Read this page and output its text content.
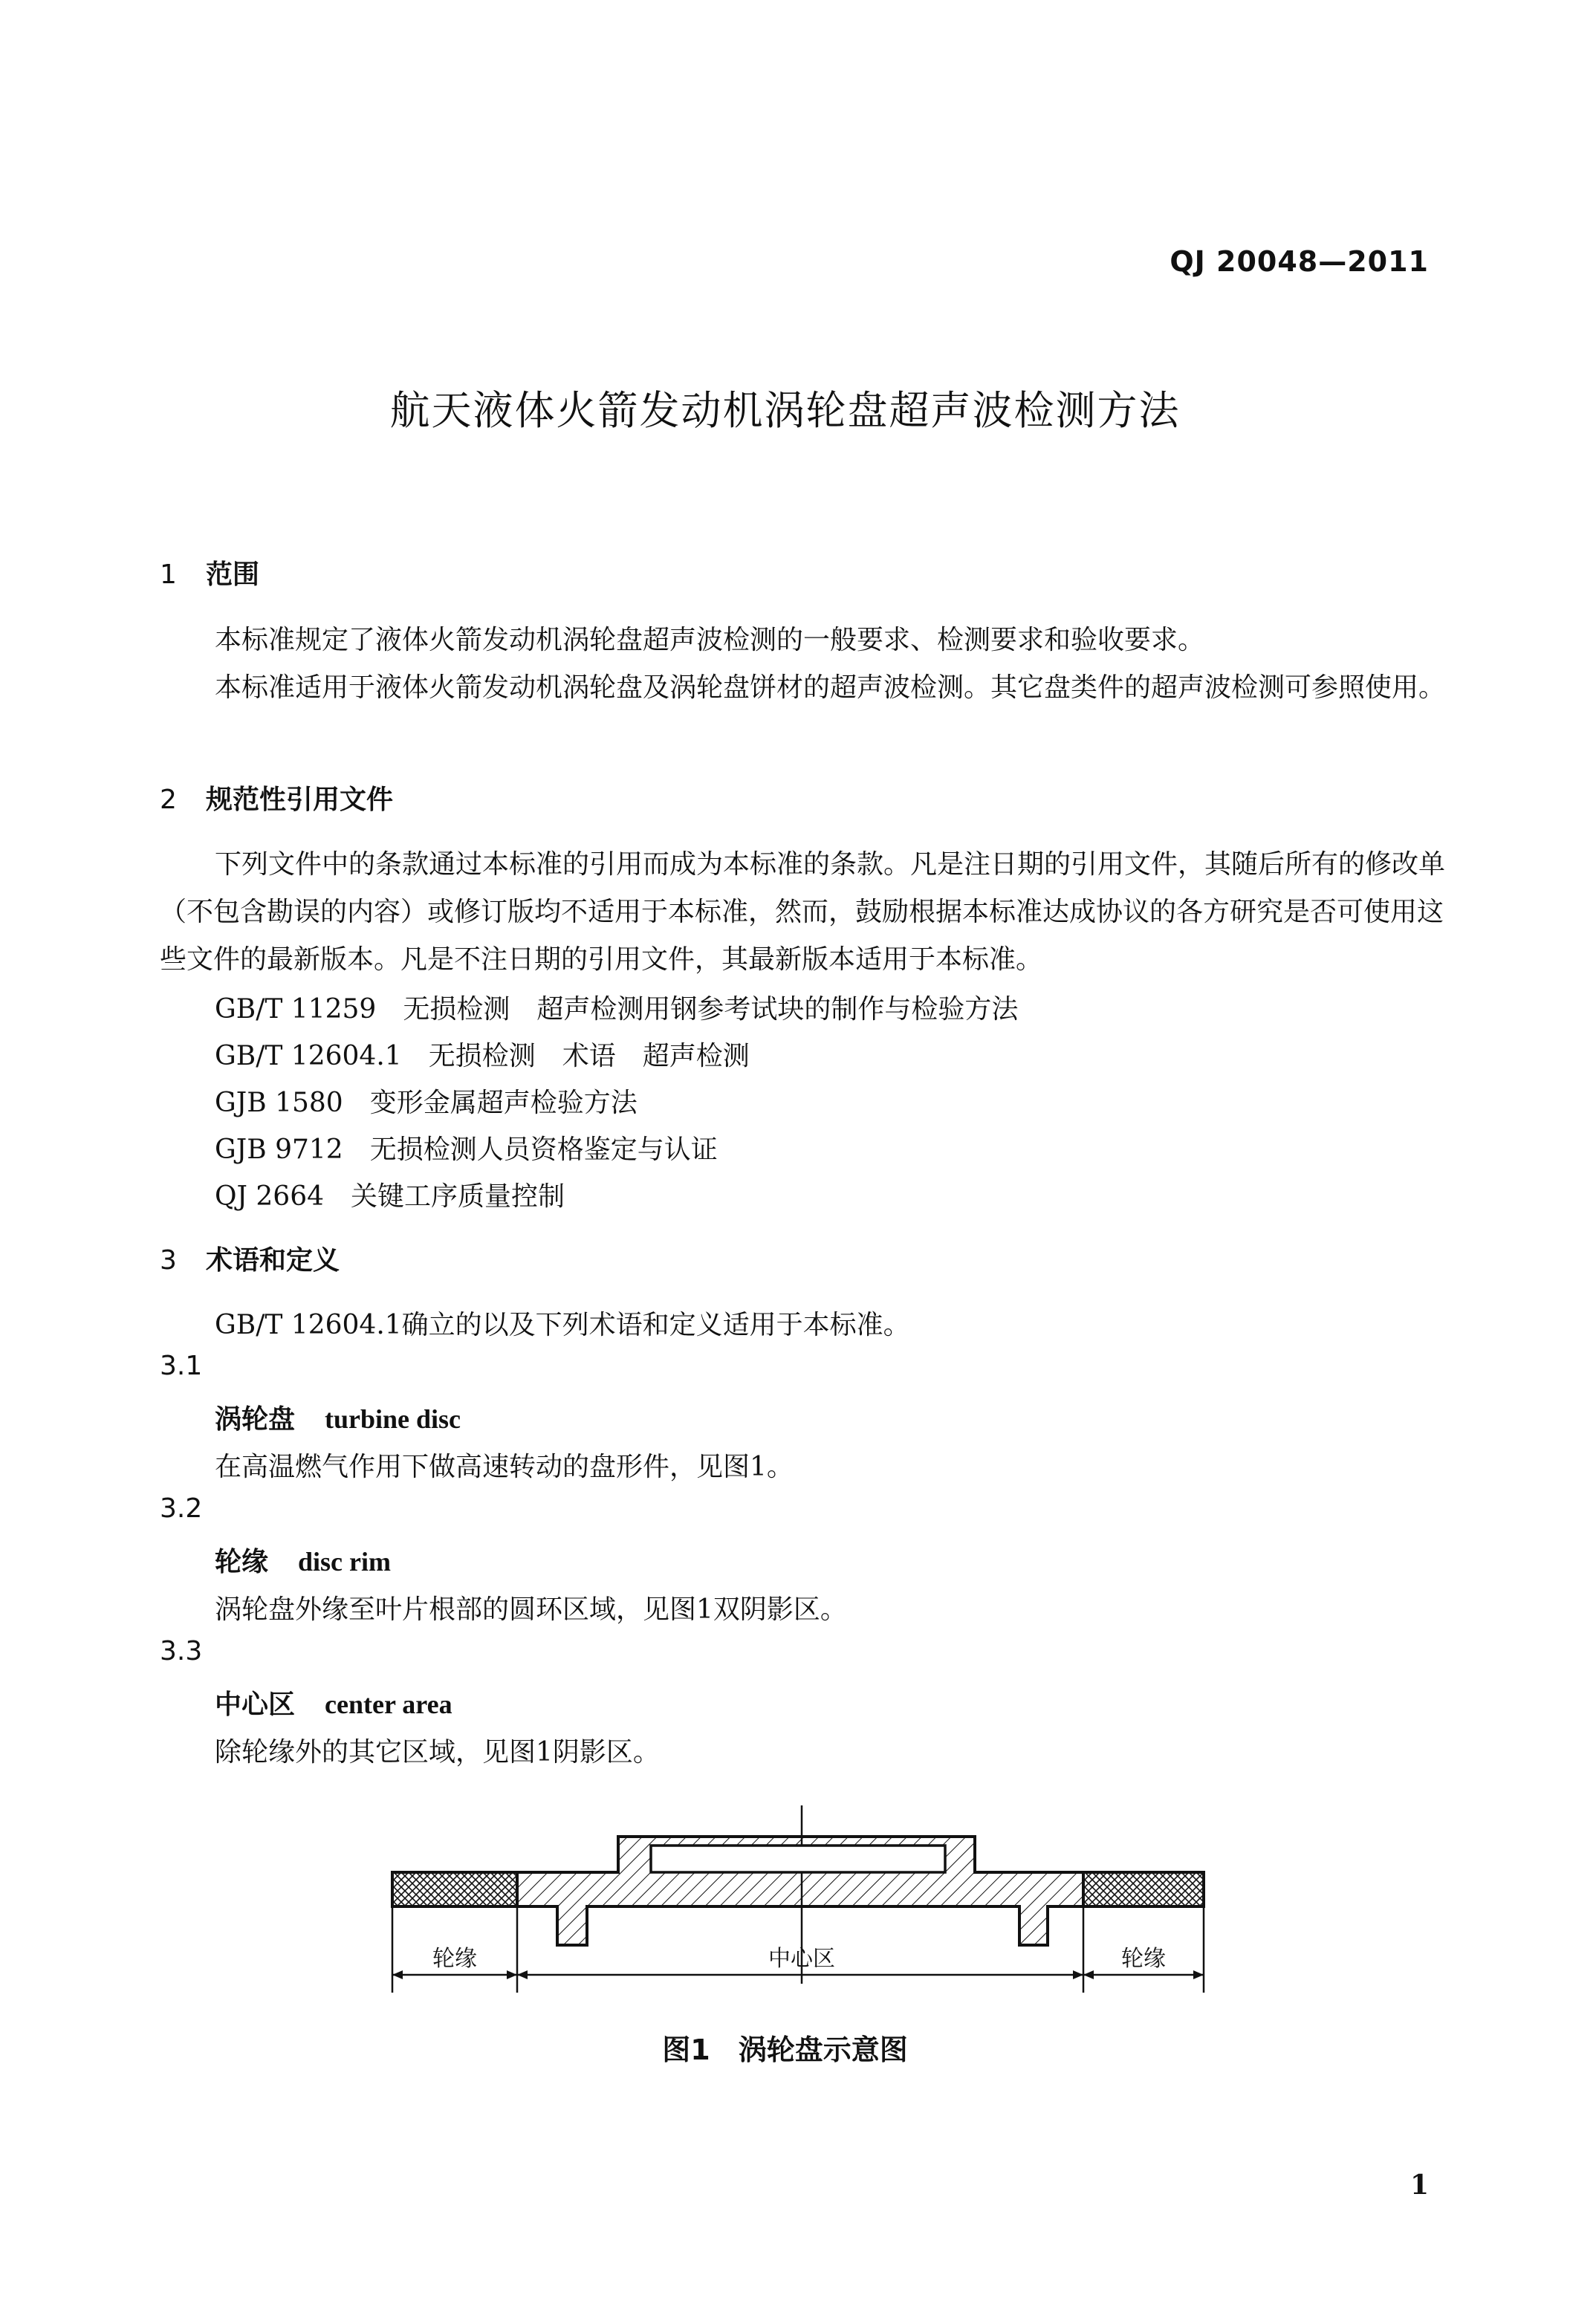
QJ 20048—2011
航天液体火箭发动机涡轮盘超声波检测方法
1 范围
本标准规定了液体火箭发动机涡轮盘超声波检测的一般要求、检测要求和验收要求。
本标准适用于液体火箭发动机涡轮盘及涡轮盘饼材的超声波检测。其它盘类件的超声波检测可参照使用。
2 规范性引用文件
下列文件中的条款通过本标准的引用而成为本标准的条款。凡是注日期的引用文件，其随后所有的修改单（不包含勘误的内容）或修订版均不适用于本标准，然而，鼓励根据本标准达成协议的各方研究是否可使用这些文件的最新版本。凡是不注日期的引用文件，其最新版本适用于本标准。
GB/T 11259　 无损检测　超声检测用钢参考试块的制作与检验方法
GB/T 12604.1　 无损检测　术语　超声检测
GJB 1580　 变形金属超声检验方法
GJB 9712　 无损检测人员资格鉴定与认证
QJ 2664　 关键工序质量控制
3 术语和定义
GB/T 12604.1确立的以及下列术语和定义适用于本标准。
3.1
涡轮盘 turbine disc
在高温燃气作用下做高速转动的盘形件，见图1。
3.2
轮缘 disc rim
涡轮盘外缘至叶片根部的圆环区域，见图1双阴影区。
3.3
中心区 center area
除轮缘外的其它区域，见图1阴影区。
轮缘	中心区	轮缘
图1　涡轮盘示意图
1
